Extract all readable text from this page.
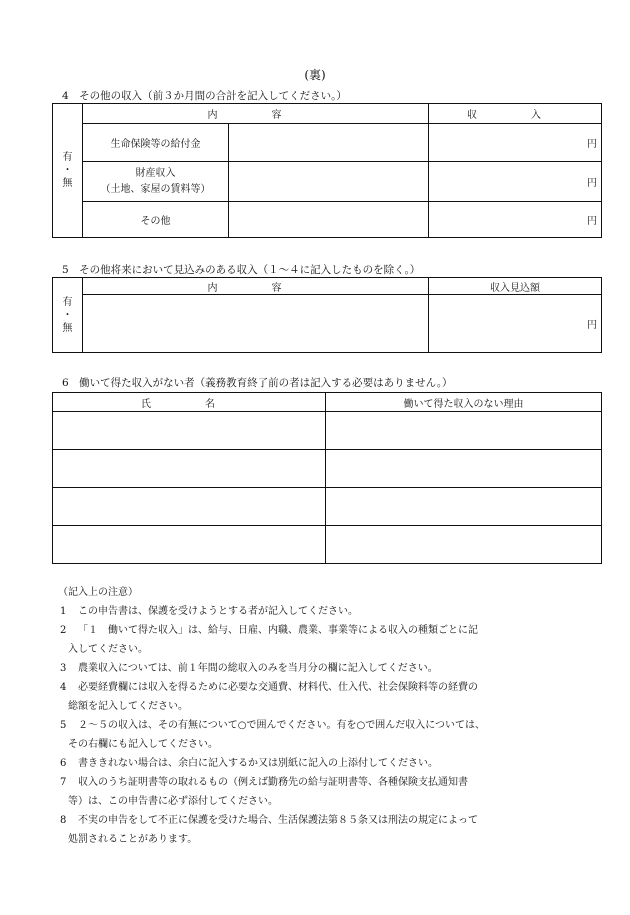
(裏)
4　その他の収入（前３か月間の合計を記入してください。）
有
・
無	内　容		収　入

	生命保険等の給付金		円

	財産収入
（土地、家屋の賃料等）		円

	その他		円
5　その他将来において見込みのある収入（１～４に記入したものを除く。）
有
・
無	内　容	収入見込額
		円
6　働いて得た収入がない者（義務教育終了前の者は記入する必要はありません。）
氏　名	働いて得た収入のない理由

（記入上の注意）
1 この申告書は、保護を受けようとする者が記入してください。
2 「１　働いて得た収入」は、給与、日雇、内職、農業、事業等による収入の種類ごとに記
入してください。
3 農業収入については、前１年間の総収入のみを当月分の欄に記入してください。
4 必要経費欄には収入を得るために必要な交通費、材料代、仕入代、社会保険料等の経費の
総額を記入してください。
5 ２～５の収入は、その有無について○で囲んでください。有を○で囲んだ収入については、
その右欄にも記入してください。
6 書ききれない場合は、余白に記入するか又は別紙に記入の上添付してください。
7 収入のうち証明書等の取れるもの（例えば勤務先の給与証明書等、各種保険支払通知書
等）は、この申告書に必ず添付してください。
8 不実の申告をして不正に保護を受けた場合、生活保護法第８５条又は刑法の規定によって
処罰されることがあります。
